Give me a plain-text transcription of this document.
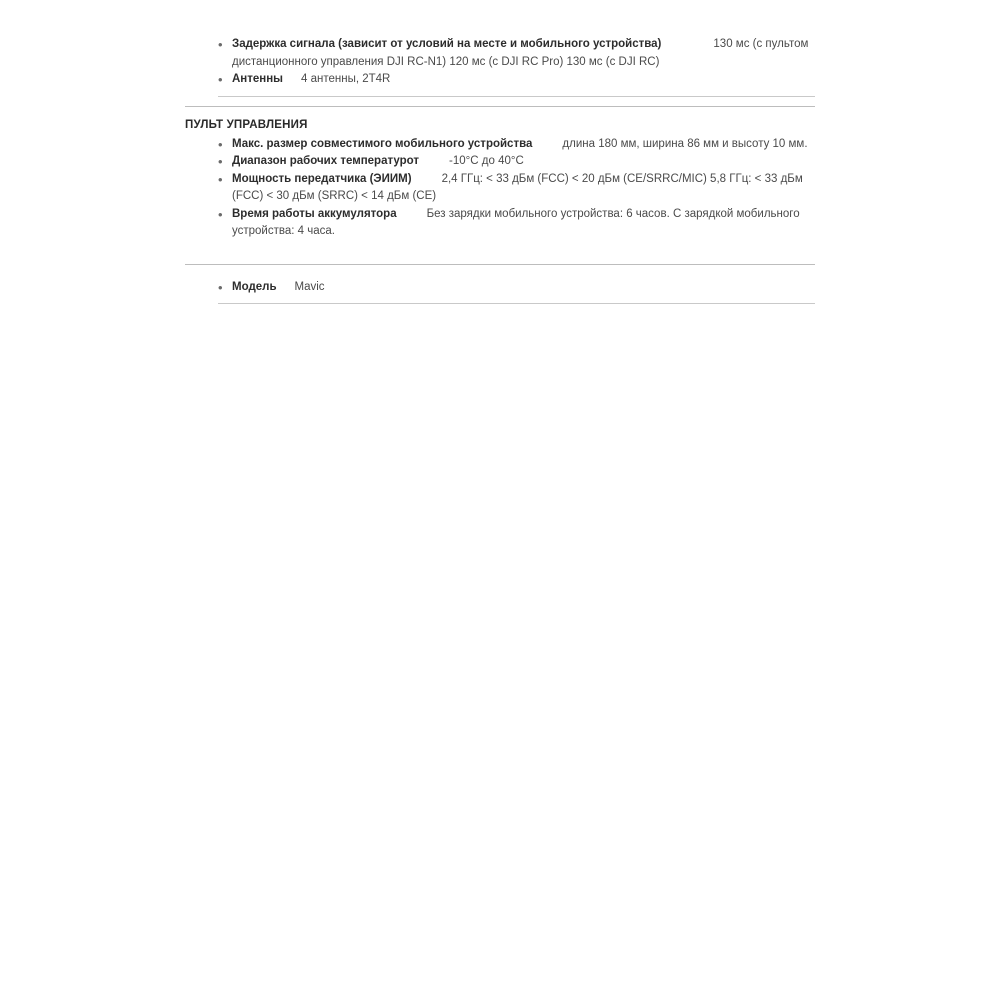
• Задержка сигнала (зависит от условий на месте и мобильного устройства)	130 мс (с пультом дистанционного управления DJI RC-N1) 120 мс (с DJI RC Pro) 130 мс (с DJI RC)
• Антенны 4 антенны, 2T4R
ПУЛЬТ УПРАВЛЕНИЯ
• Макс. размер совместимого мобильного устройства	длина 180 мм, ширина 86 мм и высоту 10 мм.
• Диапазон рабочих температурот	-10°C до 40°C
• Мощность передатчика (ЭИИМ)	2,4 ГГц: < 33 дБм (FCC) < 20 дБм (CE/SRRC/MIC) 5,8 ГГц: < 33 дБм (FCC) < 30 дБм (SRRC) < 14 дБм (CE)
• Время работы аккумулятора	Без зарядки мобильного устройства: 6 часов. С зарядкой мобильного устройства: 4 часа.
• Модель Mavic
